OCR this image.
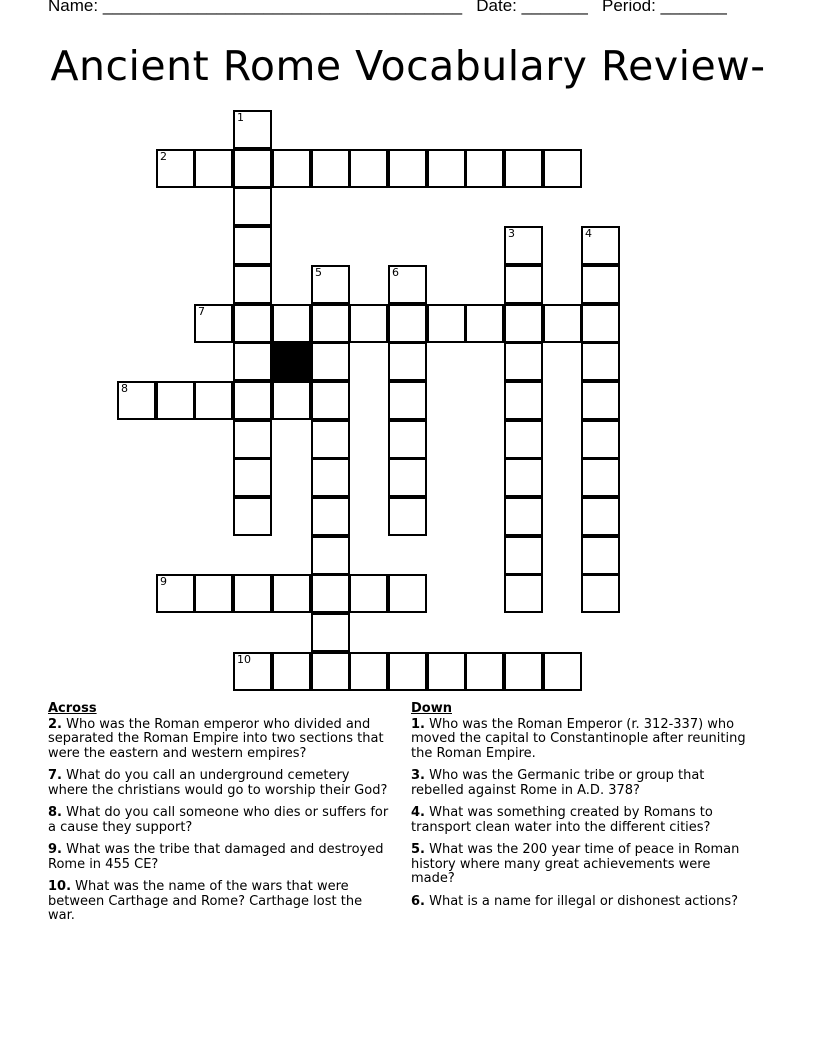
Name: ______________________________________ Date: _______ Period: _______
Ancient Rome Vocabulary Review-
1
2
3	4
5	6
7
8
9
10
Across
2. Who was the Roman emperor who divided and separated the Roman Empire into two sections that were the eastern and western empires?
7. What do you call an underground cemetery where the christians would go to worship their God?
8. What do you call someone who dies or suffers for a cause they support?
9. What was the tribe that damaged and destroyed Rome in 455 CE?
10. What was the name of the wars that were between Carthage and Rome? Carthage lost the war.
Down
1. Who was the Roman Emperor (r. 312-337) who moved the capital to Constantinople after reuniting the Roman Empire.
3. Who was the Germanic tribe or group that rebelled against Rome in A.D. 378?
4. What was something created by Romans to transport clean water into the different cities?
5. What was the 200 year time of peace in Roman history where many great achievements were made?
6. What is a name for illegal or dishonest actions?
